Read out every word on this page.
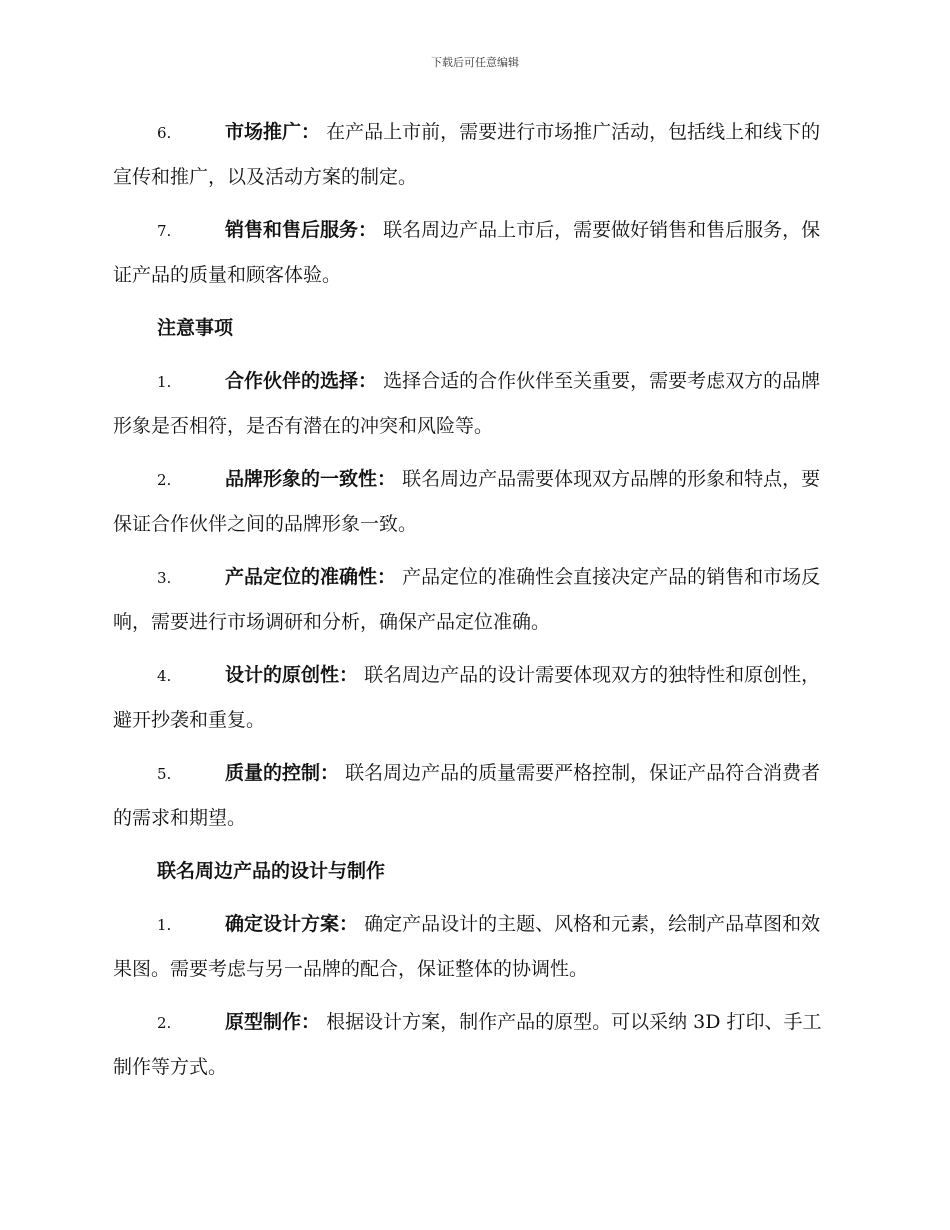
下载后可任意编辑
6.	市场推广： 在产品上市前，需要进行市场推广活动，包括线上和线下的宣传和推广，以及活动方案的制定。
7.	销售和售后服务： 联名周边产品上市后，需要做好销售和售后服务，保证产品的质量和顾客体验。
注意事项
1.	合作伙伴的选择： 选择合适的合作伙伴至关重要，需要考虑双方的品牌形象是否相符，是否有潜在的冲突和风险等。
2.	品牌形象的一致性： 联名周边产品需要体现双方品牌的形象和特点，要保证合作伙伴之间的品牌形象一致。
3.	产品定位的准确性： 产品定位的准确性会直接决定产品的销售和市场反响，需要进行市场调研和分析，确保产品定位准确。
4.	设计的原创性： 联名周边产品的设计需要体现双方的独特性和原创性，避开抄袭和重复。
5.	质量的控制： 联名周边产品的质量需要严格控制，保证产品符合消费者的需求和期望。
联名周边产品的设计与制作
1.	确定设计方案： 确定产品设计的主题、风格和元素，绘制产品草图和效果图。需要考虑与另一品牌的配合，保证整体的协调性。
2.	原型制作： 根据设计方案，制作产品的原型。可以采纳 3D 打印、手工制作等方式。
